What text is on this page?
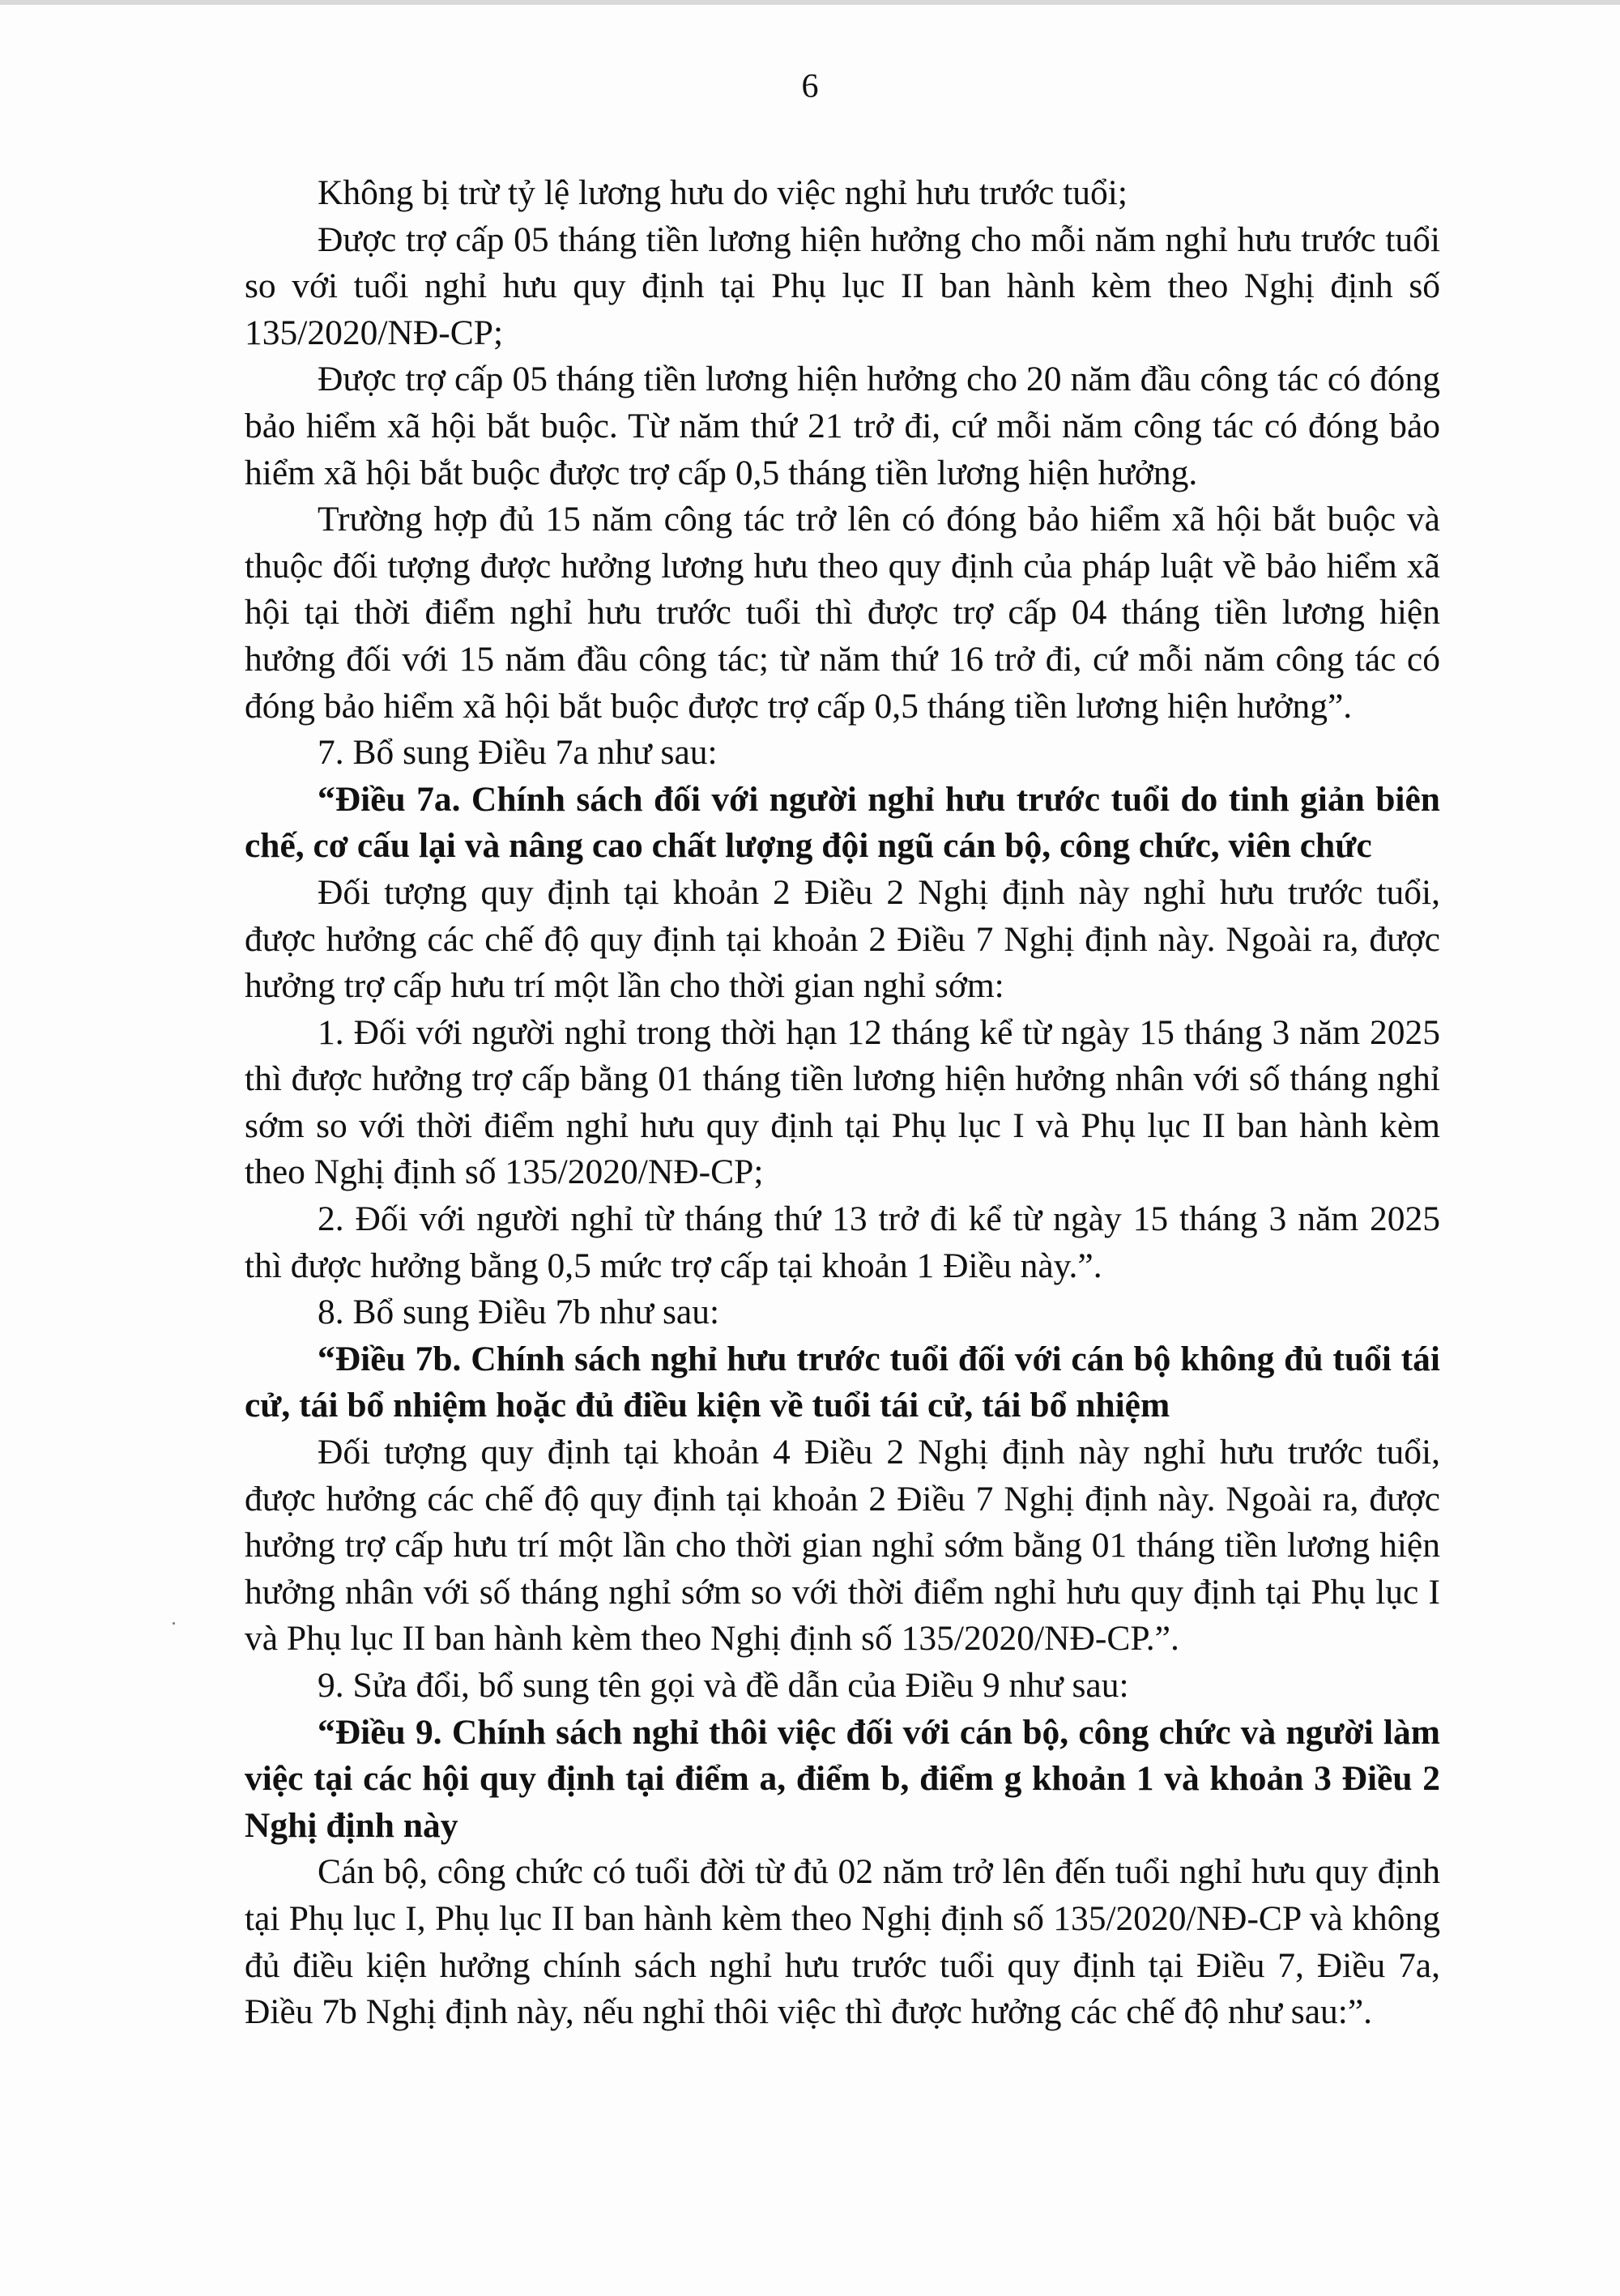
6

Không bị trừ tỷ lệ lương hưu do việc nghỉ hưu trước tuổi;

Được trợ cấp 05 tháng tiền lương hiện hưởng cho mỗi năm nghỉ hưu trước tuổi so với tuổi nghỉ hưu quy định tại Phụ lục II ban hành kèm theo Nghị định số 135/2020/NĐ-CP;

Được trợ cấp 05 tháng tiền lương hiện hưởng cho 20 năm đầu công tác có đóng bảo hiểm xã hội bắt buộc. Từ năm thứ 21 trở đi, cứ mỗi năm công tác có đóng bảo hiểm xã hội bắt buộc được trợ cấp 0,5 tháng tiền lương hiện hưởng.

Trường hợp đủ 15 năm công tác trở lên có đóng bảo hiểm xã hội bắt buộc và thuộc đối tượng được hưởng lương hưu theo quy định của pháp luật về bảo hiểm xã hội tại thời điểm nghỉ hưu trước tuổi thì được trợ cấp 04 tháng tiền lương hiện hưởng đối với 15 năm đầu công tác; từ năm thứ 16 trở đi, cứ mỗi năm công tác có đóng bảo hiểm xã hội bắt buộc được trợ cấp 0,5 tháng tiền lương hiện hưởng”.

7. Bổ sung Điều 7a như sau:

“Điều 7a. Chính sách đối với người nghỉ hưu trước tuổi do tinh giản biên chế, cơ cấu lại và nâng cao chất lượng đội ngũ cán bộ, công chức, viên chức

Đối tượng quy định tại khoản 2 Điều 2 Nghị định này nghỉ hưu trước tuổi, được hưởng các chế độ quy định tại khoản 2 Điều 7 Nghị định này. Ngoài ra, được hưởng trợ cấp hưu trí một lần cho thời gian nghỉ sớm:

1. Đối với người nghỉ trong thời hạn 12 tháng kể từ ngày 15 tháng 3 năm 2025 thì được hưởng trợ cấp bằng 01 tháng tiền lương hiện hưởng nhân với số tháng nghỉ sớm so với thời điểm nghỉ hưu quy định tại Phụ lục I và Phụ lục II ban hành kèm theo Nghị định số 135/2020/NĐ-CP;

2. Đối với người nghỉ từ tháng thứ 13 trở đi kể từ ngày 15 tháng 3 năm 2025 thì được hưởng bằng 0,5 mức trợ cấp tại khoản 1 Điều này.”.

8. Bổ sung Điều 7b như sau:

“Điều 7b. Chính sách nghỉ hưu trước tuổi đối với cán bộ không đủ tuổi tái cử, tái bổ nhiệm hoặc đủ điều kiện về tuổi tái cử, tái bổ nhiệm

Đối tượng quy định tại khoản 4 Điều 2 Nghị định này nghỉ hưu trước tuổi, được hưởng các chế độ quy định tại khoản 2 Điều 7 Nghị định này. Ngoài ra, được hưởng trợ cấp hưu trí một lần cho thời gian nghỉ sớm bằng 01 tháng tiền lương hiện hưởng nhân với số tháng nghỉ sớm so với thời điểm nghỉ hưu quy định tại Phụ lục I và Phụ lục II ban hành kèm theo Nghị định số 135/2020/NĐ-CP.”.

9. Sửa đổi, bổ sung tên gọi và đề dẫn của Điều 9 như sau:

“Điều 9. Chính sách nghỉ thôi việc đối với cán bộ, công chức và người làm việc tại các hội quy định tại điểm a, điểm b, điểm g khoản 1 và khoản 3 Điều 2 Nghị định này

Cán bộ, công chức có tuổi đời từ đủ 02 năm trở lên đến tuổi nghỉ hưu quy định tại Phụ lục I, Phụ lục II ban hành kèm theo Nghị định số 135/2020/NĐ-CP và không đủ điều kiện hưởng chính sách nghỉ hưu trước tuổi quy định tại Điều 7, Điều 7a, Điều 7b Nghị định này, nếu nghỉ thôi việc thì được hưởng các chế độ như sau:”.
